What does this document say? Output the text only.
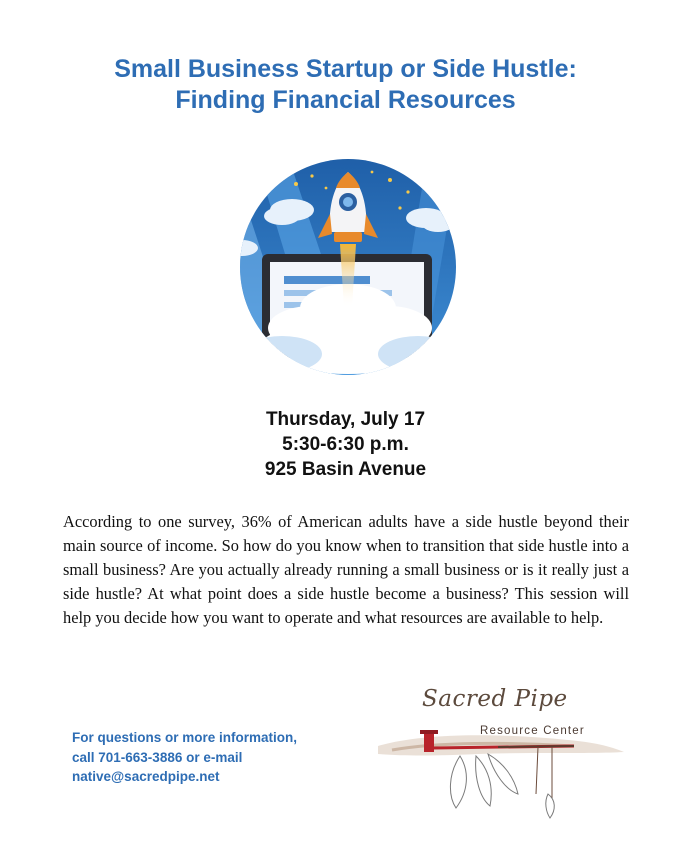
Small Business Startup or Side Hustle:
Finding Financial Resources
Thursday, July 17
5:30-6:30 p.m.
925 Basin Avenue
According to one survey, 36% of American adults have a side hustle beyond their main source of income. So how do you know when to transition that side hustle into a small business? Are you actually already running a small business or is it really just a side hustle? At what point does a side hustle become a business? This session will help you decide how you want to operate and what resources are available to help.
For questions or more information,
call 701-663-3886 or e-mail
native@sacredpipe.net
Sacred Pipe
Resource Center
